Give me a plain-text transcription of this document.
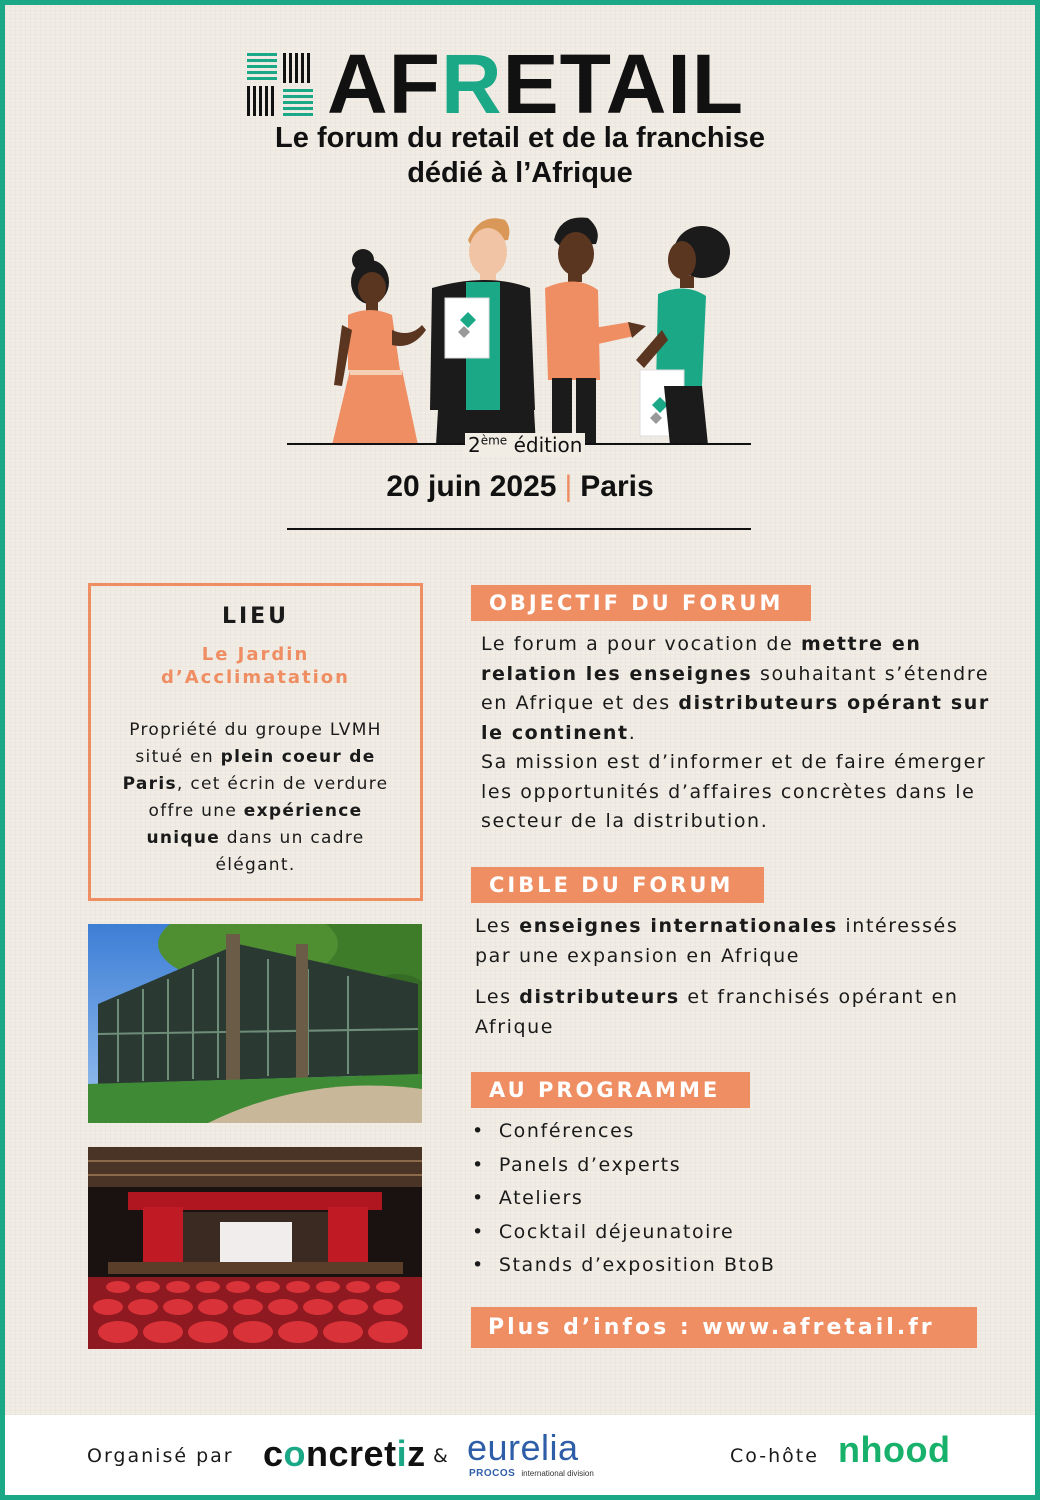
AFRETAIL
Le forum du retail et de la franchise
dédié à l’Afrique
2ème édition
20 juin 2025 | Paris
LIEU
Le Jardin
d’Acclimatation
Propriété du groupe LVMH situé en plein coeur de Paris, cet écrin de verdure offre une expérience unique dans un cadre élégant.
OBJECTIF DU FORUM
Le forum a pour vocation de mettre en relation les enseignes souhaitant s’étendre en Afrique et des distributeurs opérant sur le continent.
Sa mission est d’informer et de faire émerger les opportunités d’affaires concrètes dans le secteur de la distribution.
CIBLE DU FORUM
Les enseignes internationales intéressés par une expansion en Afrique
Les distributeurs et franchisés opérant en Afrique
AU PROGRAMME
• Conférences
• Panels d’experts
• Ateliers
• Cocktail déjeunatoire
• Stands d’exposition BtoB
Plus d’infos : www.afretail.fr
Organisé par concretiz & eurelia
PROCOS international division
Co-hôte nhood
